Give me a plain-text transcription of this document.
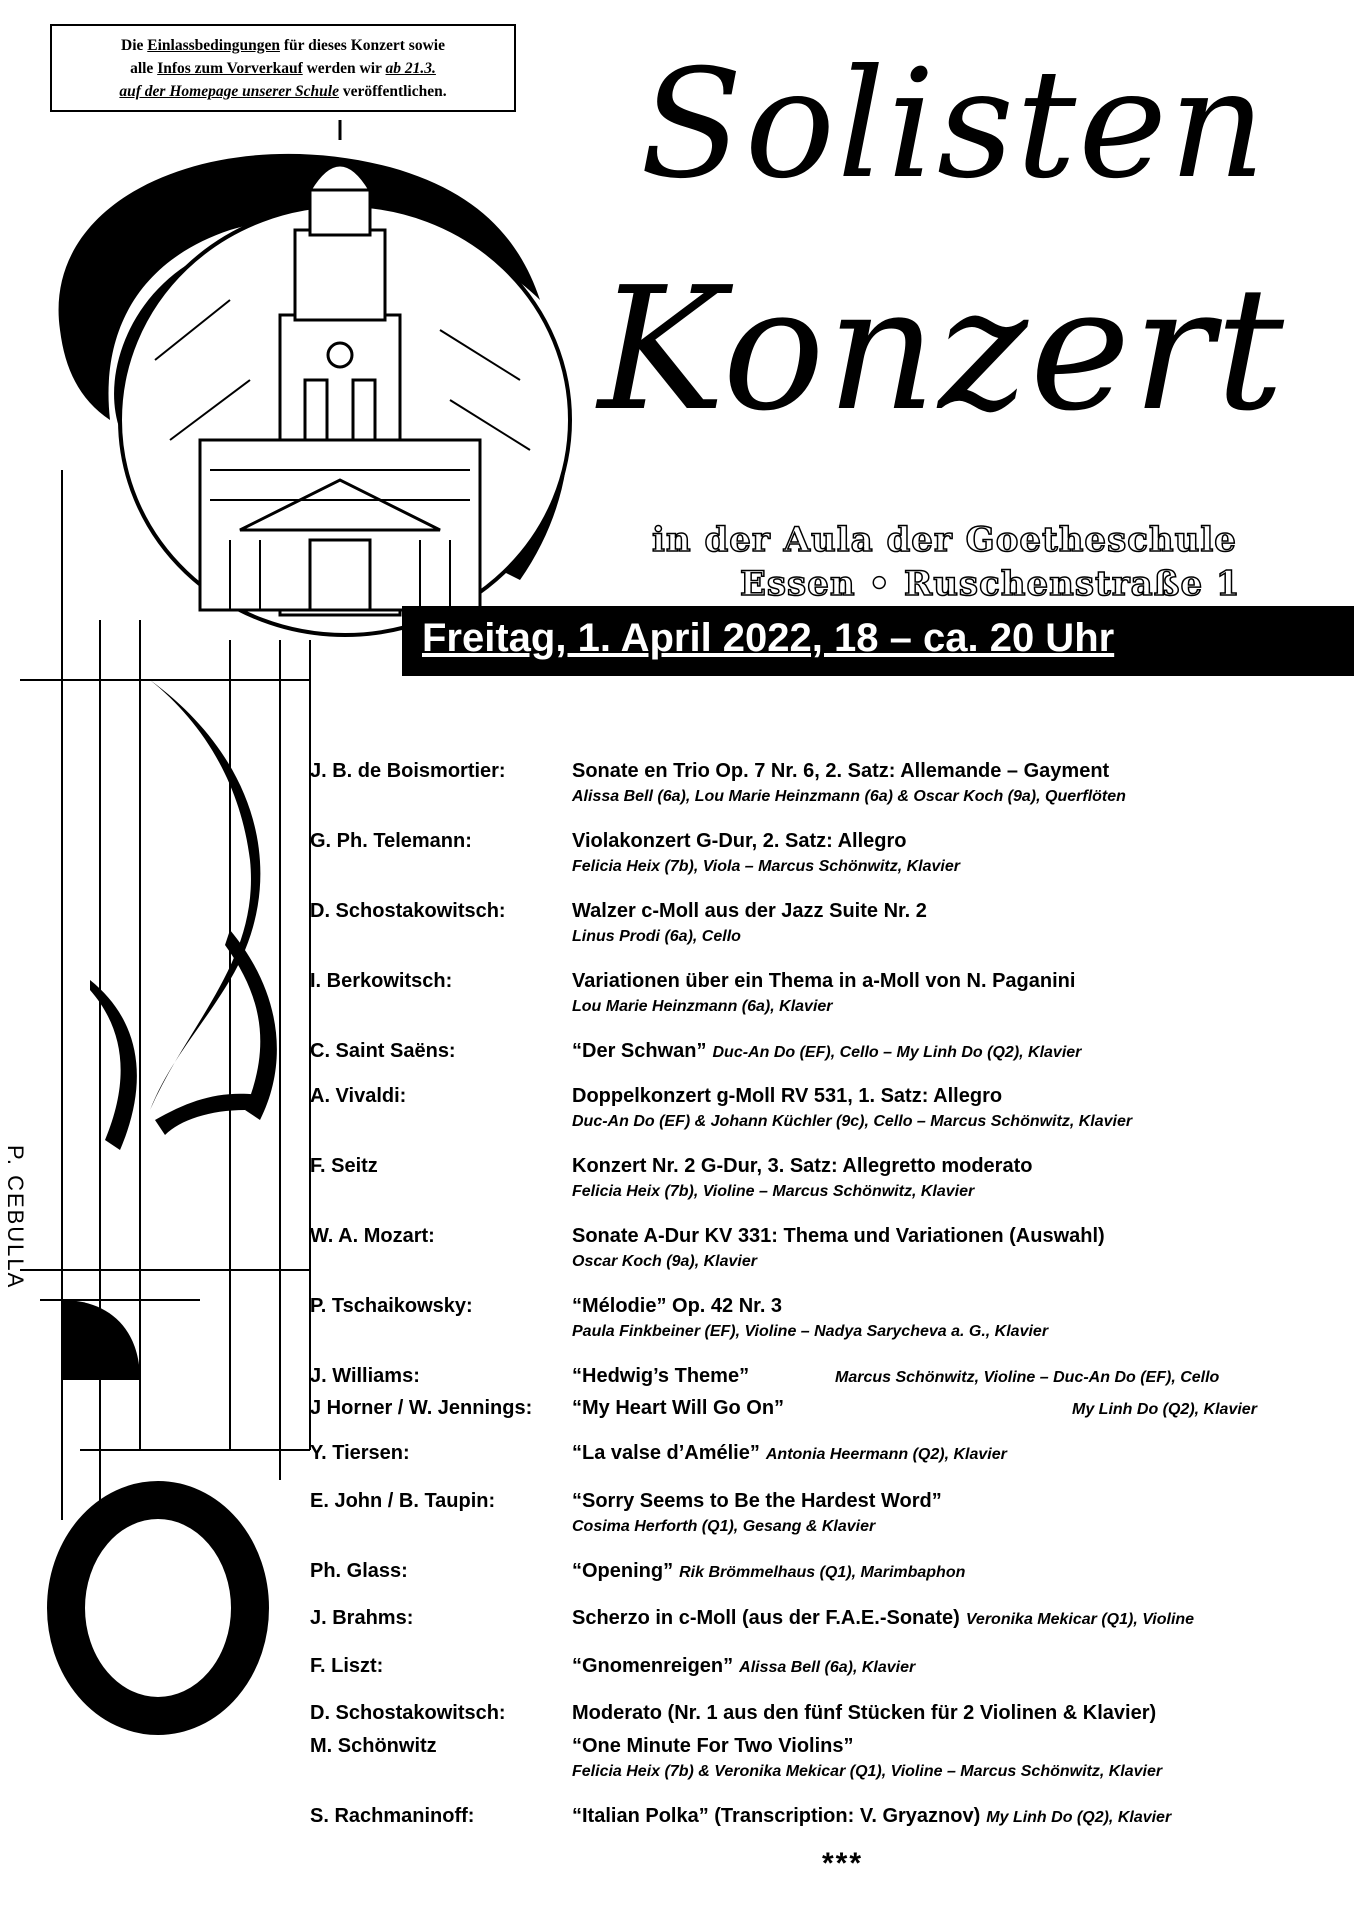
Die Einlassbedingungen für dieses Konzert sowie
alle Infos zum Vorverkauf werden wir ab 21.3.
auf der Homepage unserer Schule veröffentlichen.	Solisten
Konzert
in der Aula der Goetheschule
Essen • Ruschenstraße 1
Freitag, 1. April 2022, 18 – ca. 20 Uhr
P. CEBULLA
J. B. de Boismortier:	Sonate en Trio Op. 7 Nr. 6, 2. Satz: Allemande – Gayment
Alissa Bell (6a), Lou Marie Heinzmann (6a) & Oscar Koch (9a), Querflöten
G. Ph. Telemann:	Violakonzert G-Dur, 2. Satz: Allegro
Felicia Heix (7b), Viola – Marcus Schönwitz, Klavier
D. Schostakowitsch:	Walzer c-Moll aus der Jazz Suite Nr. 2
Linus Prodi (6a), Cello
I. Berkowitsch:	Variationen über ein Thema in a-Moll von N. Paganini
Lou Marie Heinzmann (6a), Klavier
C. Saint Saëns:	“Der Schwan” Duc-An Do (EF), Cello – My Linh Do (Q2), Klavier
A. Vivaldi:	Doppelkonzert g-Moll RV 531, 1. Satz: Allegro
Duc-An Do (EF) & Johann Küchler (9c), Cello – Marcus Schönwitz, Klavier
F. Seitz	Konzert Nr. 2 G-Dur, 3. Satz: Allegretto moderato
Felicia Heix (7b), Violine – Marcus Schönwitz, Klavier
W. A. Mozart:	Sonate A-Dur KV 331: Thema und Variationen (Auswahl)
Oscar Koch (9a), Klavier
P. Tschaikowsky:	“Mélodie” Op. 42 Nr. 3
Paula Finkbeiner (EF), Violine – Nadya Sarycheva a. G., Klavier
J. Williams:	“Hedwig’s Theme”	Marcus Schönwitz, Violine – Duc-An Do (EF), Cello
J Horner / W. Jennings: “My Heart Will Go On”	My Linh Do (Q2), Klavier
Y. Tiersen:	“La valse d’Amélie” Antonia Heermann (Q2), Klavier
E. John / B. Taupin:	“Sorry Seems to Be the Hardest Word”
Cosima Herforth (Q1), Gesang & Klavier
Ph. Glass:	“Opening” Rik Brömmelhaus (Q1), Marimbaphon
J. Brahms:	Scherzo in c-Moll (aus der F.A.E.-Sonate) Veronika Mekicar (Q1), Violine
F. Liszt:	“Gnomenreigen” Alissa Bell (6a), Klavier
D. Schostakowitsch:	Moderato (Nr. 1 aus den fünf Stücken für 2 Violinen & Klavier)
M. Schönwitz	“One Minute For Two Violins”
Felicia Heix (7b) & Veronika Mekicar (Q1), Violine – Marcus Schönwitz, Klavier
S. Rachmaninoff:	“Italian Polka” (Transcription: V. Gryaznov) My Linh Do (Q2), Klavier
***
